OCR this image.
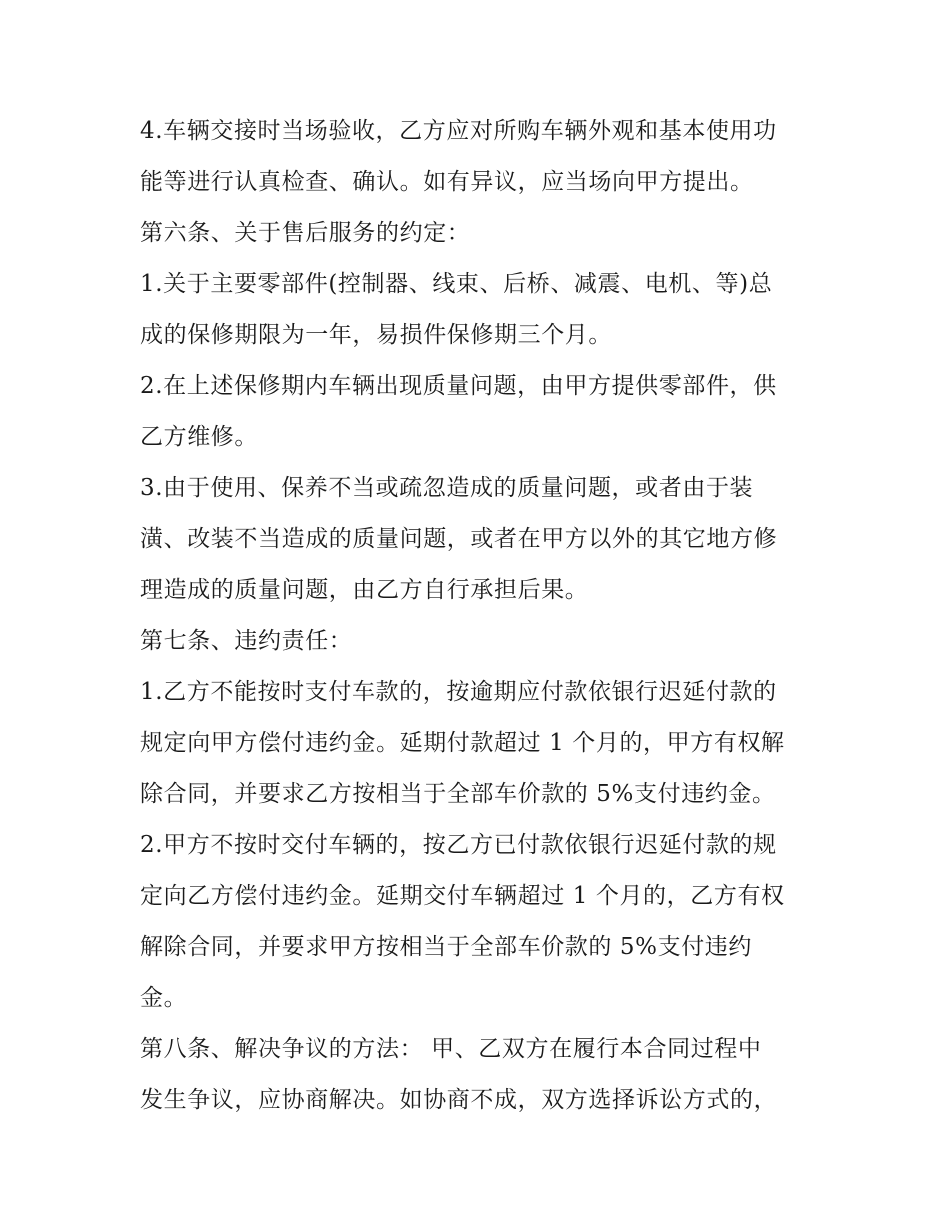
4.车辆交接时当场验收，乙方应对所购车辆外观和基本使用功
能等进行认真检查、确认。如有异议，应当场向甲方提出。
第六条、关于售后服务的约定：
1.关于主要零部件(控制器、线束、后桥、减震、电机、等)总
成的保修期限为一年，易损件保修期三个月。
2.在上述保修期内车辆出现质量问题，由甲方提供零部件，供
乙方维修。
3.由于使用、保养不当或疏忽造成的质量问题，或者由于装
潢、改装不当造成的质量问题，或者在甲方以外的其它地方修
理造成的质量问题，由乙方自行承担后果。
第七条、违约责任：
1.乙方不能按时支付车款的，按逾期应付款依银行迟延付款的
规定向甲方偿付违约金。延期付款超过 1 个月的，甲方有权解
除合同，并要求乙方按相当于全部车价款的 5%支付违约金。
2.甲方不按时交付车辆的，按乙方已付款依银行迟延付款的规
定向乙方偿付违约金。延期交付车辆超过 1 个月的，乙方有权
解除合同，并要求甲方按相当于全部车价款的 5%支付违约
金。
第八条、解决争议的方法： 甲、乙双方在履行本合同过程中
发生争议，应协商解决。如协商不成，双方选择诉讼方式的，
